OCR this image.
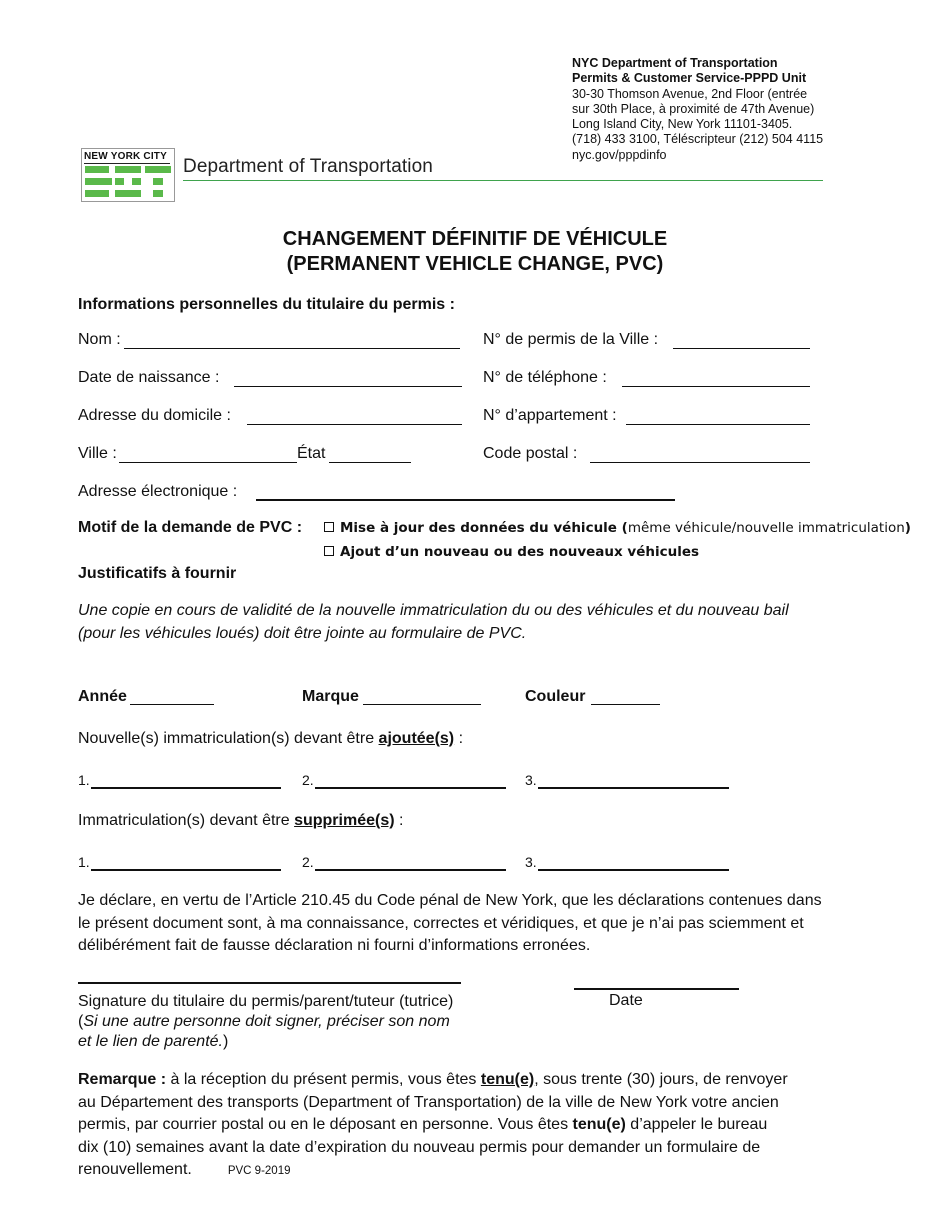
NYC Department of Transportation
Permits & Customer Service-PPPD Unit
30-30 Thomson Avenue, 2nd Floor (entrée
sur 30th Place, à proximité de 47th Avenue)
Long Island City, New York 11101-3405.
(718) 433 3100, Téléscripteur (212) 504 4115
nyc.gov/pppdinfo
NEW YORK CITY Department of Transportation
CHANGEMENT DÉFINITIF DE VÉHICULE
(PERMANENT VEHICLE CHANGE, PVC)
Informations personnelles du titulaire du permis :
Nom :	N° de permis de la Ville :
Date de naissance :	N° de téléphone :
Adresse du domicile :	N° d’appartement :
Ville :	État	Code postal :
Adresse électronique :
Motif de la demande de PVC :	Mise à jour des données du véhicule (même véhicule/nouvelle immatriculation)
Ajout d’un nouveau ou des nouveaux véhicules
Justificatifs à fournir
Une copie en cours de validité de la nouvelle immatriculation du ou des véhicules et du nouveau bail
(pour les véhicules loués) doit être jointe au formulaire de PVC.
Année	Marque	Couleur
Nouvelle(s) immatriculation(s) devant être ajoutée(s) :
1.	2.	3.
Immatriculation(s) devant être supprimée(s) :
1.	2.	3.
Je déclare, en vertu de l’Article 210.45 du Code pénal de New York, que les déclarations contenues dans
le présent document sont, à ma connaissance, correctes et véridiques, et que je n’ai pas sciemment et
délibérément fait de fausse déclaration ni fourni d’informations erronées.
Signature du titulaire du permis/parent/tuteur (tutrice)
(Si une autre personne doit signer, préciser son nom
et le lien de parenté.)
Date
Remarque : à la réception du présent permis, vous êtes tenu(e), sous trente (30) jours, de renvoyer
au Département des transports (Department of Transportation) de la ville de New York votre ancien
permis, par courrier postal ou en le déposant en personne. Vous êtes tenu(e) d’appeler le bureau
dix (10) semaines avant la date d’expiration du nouveau permis pour demander un formulaire de
renouvellement.	PVC 9-2019
